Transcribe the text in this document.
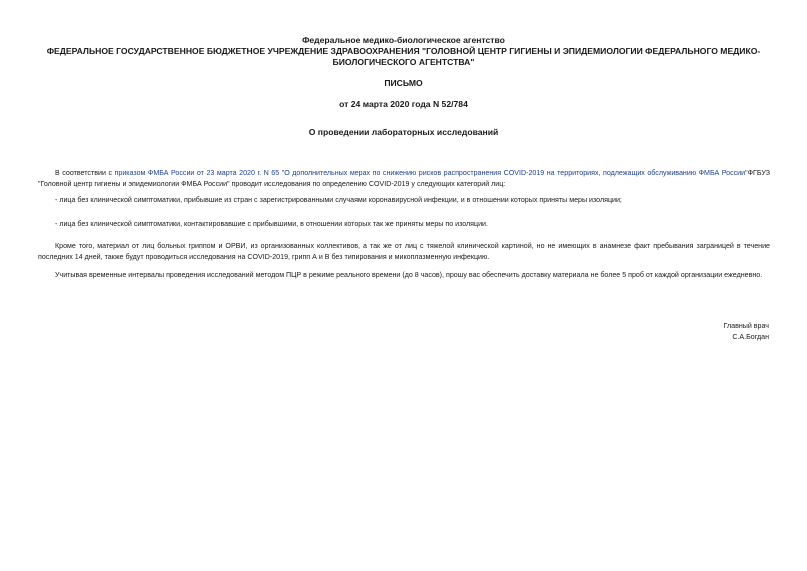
Федеральное медико-биологическое агентство
ФЕДЕРАЛЬНОЕ ГОСУДАРСТВЕННОЕ БЮДЖЕТНОЕ УЧРЕЖДЕНИЕ ЗДРАВООХРАНЕНИЯ "ГОЛОВНОЙ ЦЕНТР ГИГИЕНЫ И ЭПИДЕМИОЛОГИИ ФЕДЕРАЛЬНОГО МЕДИКО-БИОЛОГИЧЕСКОГО АГЕНТСТВА"
ПИСЬМО
от 24 марта 2020 года N 52/784
О проведении лабораторных исследований

В соответствии с приказом ФМБА России от 23 марта 2020 г. N 65 "О дополнительных мерах по снижению рисков распространения COVID-2019 на территориях, подлежащих обслуживанию ФМБА России"ФГБУЗ "Головной центр гигиены и эпидемиологии ФМБА России" проводит исследования по определению COVID-2019 у следующих категорий лиц:

- лица без клинической симптоматики, прибывшие из стран с зарегистрированными случаями коронавирусной инфекции, и в отношении которых приняты меры изоляции;

- лица без клинической симптоматики, контактировавшие с прибывшими, в отношении которых так же приняты меры по изоляции.

Кроме того, материал от лиц больных гриппом и ОРВИ, из организованных коллективов, а так же от лиц с тяжелой клинической картиной, но не имеющих в анамнезе факт пребывания заграницей в течение последних 14 дней, также будут проводиться исследования на COVID-2019, грипп А и В без типирования и микоплазменную инфекцию.

Учитывая временные интервалы проведения исследований методом ПЦР в режиме реального времени (до 8 часов), прошу вас обеспечить доставку материала не более 5 проб от каждой организации ежедневно.

Главный врач
С.А.Богдан
